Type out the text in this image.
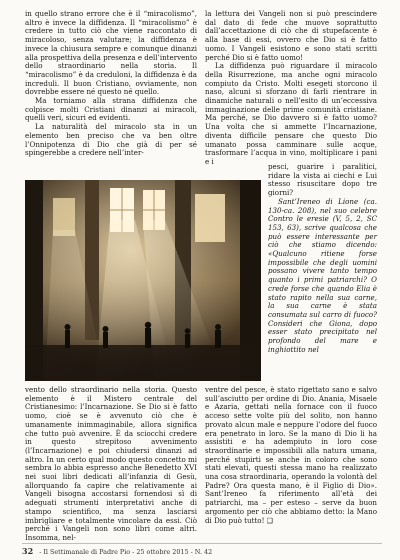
in quello strano errore che è il “miracolismo”, altro è invece la diffidenza. Il “miracolismo” è credere in tutto ciò che viene raccontato di miracoloso, senza valutare; la diffidenza è invece la chiusura sempre e comunque dinanzi alla prospettiva della presenza e dell’intervento dello straordinario nella storia. Il “miracolismo” è da creduloni, la diffidenza è da increduli. Il buon Cristiano, ovviamente, non dovrebbe essere né questo né quello.

Ma torniamo alla strana diffidenza che colpisce molti Cristiani dinanzi ai miracoli, quelli veri, sicuri ed evidenti.

La naturalità del miracolo sta in un elemento ben preciso che va ben oltre l’Onnipotenza di Dio che già di per sé spingerebbe a credere nell’inter-

vento dello straordinario nella storia. Questo elemento è il Mistero centrale del Cristianesimo: l’Incarnazione. Se Dio si è fatto uomo, cioè se è avvenuto ciò che è umanamente inimmaginabile, allora significa che tutto può avvenire. È da sciocchi credere in questo strepitoso avvenimento (l’Incarnazione) e poi chiudersi dinanzi ad altro. In un certo qual modo questo concetto mi sembra lo abbia espresso anche Benedetto XVI nei suoi libri dedicati all’infanzia di Gesù, allorquando fa capire che relativamente ai Vangeli bisogna accostarsi fornendosi sì di adeguati strumenti interpretativi anche di stampo scientifico, ma senza lasciarsi imbrigliare e totalmente vincolare da essi. Ciò perché i Vangeli non sono libri come altri. Insomma, nel-

la lettura dei Vangeli non si può prescindere dal dato di fede che muove soprattutto dall’accettazione di ciò che di stupefacente è alla base di essi, ovvero che Dio si è fatto uomo. I Vangeli esistono e sono stati scritti perché Dio si è fatto uomo!

La diffidenza può riguardare il miracolo della Risurrezione, ma anche ogni miracolo compiuto da Cristo. Molti esegeti storcono il naso, alcuni si sforzano di farli rientrare in dinamiche naturali o nell’esito di un’eccessiva immaginazione delle prime comunità cristiane. Ma perché, se Dio davvero si è fatto uomo? Una volta che si ammette l’Incarnazione, diventa difficile pensare che questo Dio umanato possa camminare sulle acque, trasformare l’acqua in vino, moltiplicare i pani e i

pesci, guarire i paralitici, ridare la vista ai ciechi e Lui stesso risuscitare dopo tre giorni?

Sant’Ireneo di Lione (ca. 130-ca. 208), nel suo celebre Contro le eresie (V, 5, 2, SC 153, 63), scrive qualcosa che può essere interessante per ciò che stiamo dicendo: «Qualcuno ritiene forse impossibile che degli uomini possano vivere tanto tempo quanto i primi patriarchi? O crede forse che quando Elia è stato rapito nella sua carne, la sua carne è stata consumata sul carro di fuoco? Consideri che Giona, dopo esser stato precipitato nel profondo del mare e inghiottito nel

ventre del pesce, è stato rigettato sano e salvo sull’asciutto per ordine di Dio. Anania, Misaele e Azaria, gettati nella fornace con il fuoco acceso sette volte più del solito, non hanno provato alcun male e neppure l’odore del fuoco era penetrato in loro. Se la mano di Dio li ha assistiti e ha adempiuto in loro cose straordinarie e impossibili alla natura umana, perché stupirti se anche in coloro che sono stati elevati, questi stessa mano ha realizzato una cosa straordinaria, operando la volontà del Padre? Ora questa mano, è il Figlio di Dio». Sant’Ireneo fa riferimento all’età dei patriarchi, ma – per esteso – serve da buon argomento per ciò che abbiamo detto: la Mano di Dio può tutto! ❑

32 - Il Settimanale di Padre Pio - 25 ottobre 2015 - N. 42
